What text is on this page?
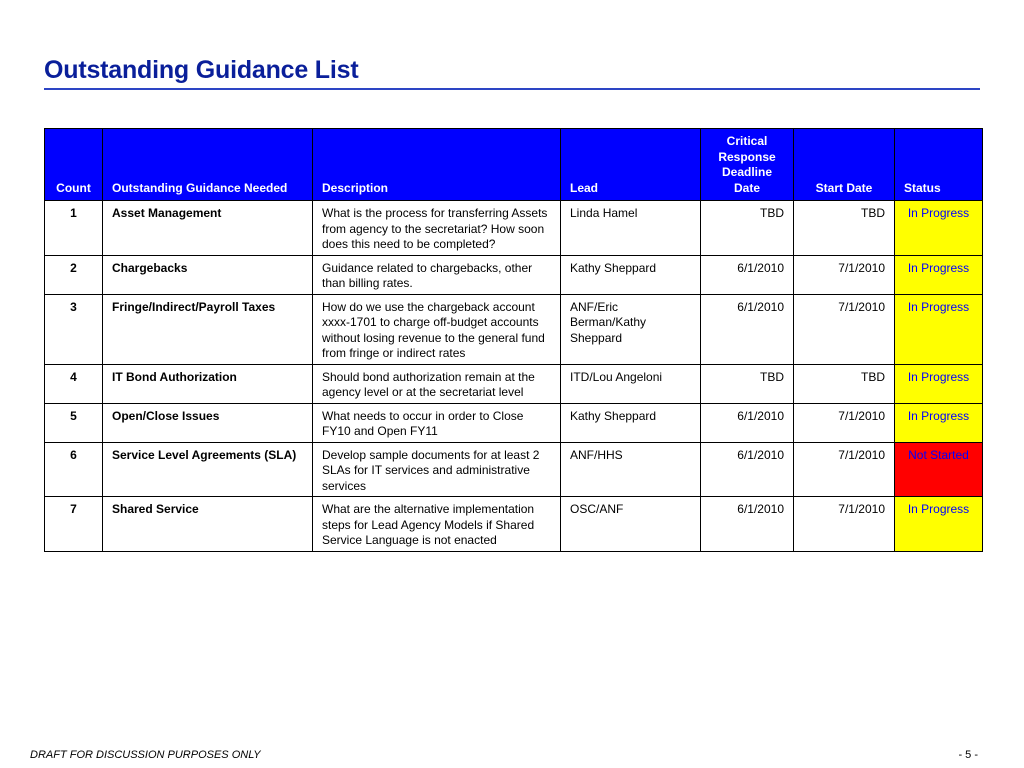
Outstanding Guidance List
Count	Outstanding Guidance Needed	Description	Lead	Critical Response Deadline Date	Start Date	Status
1	Asset Management	What is the process for transferring Assets from agency to the secretariat? How soon does this need to be completed?	Linda Hamel	TBD	TBD	In Progress
2	Chargebacks	Guidance related to chargebacks, other than billing rates.	Kathy Sheppard	6/1/2010	7/1/2010	In Progress
3	Fringe/Indirect/Payroll Taxes	How do we use the chargeback account xxxx-1701 to charge off-budget accounts without losing revenue to the general fund from fringe or indirect rates	ANF/Eric Berman/Kathy Sheppard	6/1/2010	7/1/2010	In Progress
4	IT Bond Authorization	Should bond authorization remain at the agency level or at the secretariat level	ITD/Lou Angeloni	TBD	TBD	In Progress
5	Open/Close Issues	What needs to occur in order to Close FY10 and Open FY11	Kathy Sheppard	6/1/2010	7/1/2010	In Progress
6	Service Level Agreements (SLA)	Develop sample documents for at least 2 SLAs for IT services and administrative services	ANF/HHS	6/1/2010	7/1/2010	Not Started
7	Shared Service	What are the alternative implementation steps for Lead Agency Models if Shared Service Language is not enacted	OSC/ANF	6/1/2010	7/1/2010	In Progress
DRAFT FOR DISCUSSION PURPOSES ONLY	- 5 -
